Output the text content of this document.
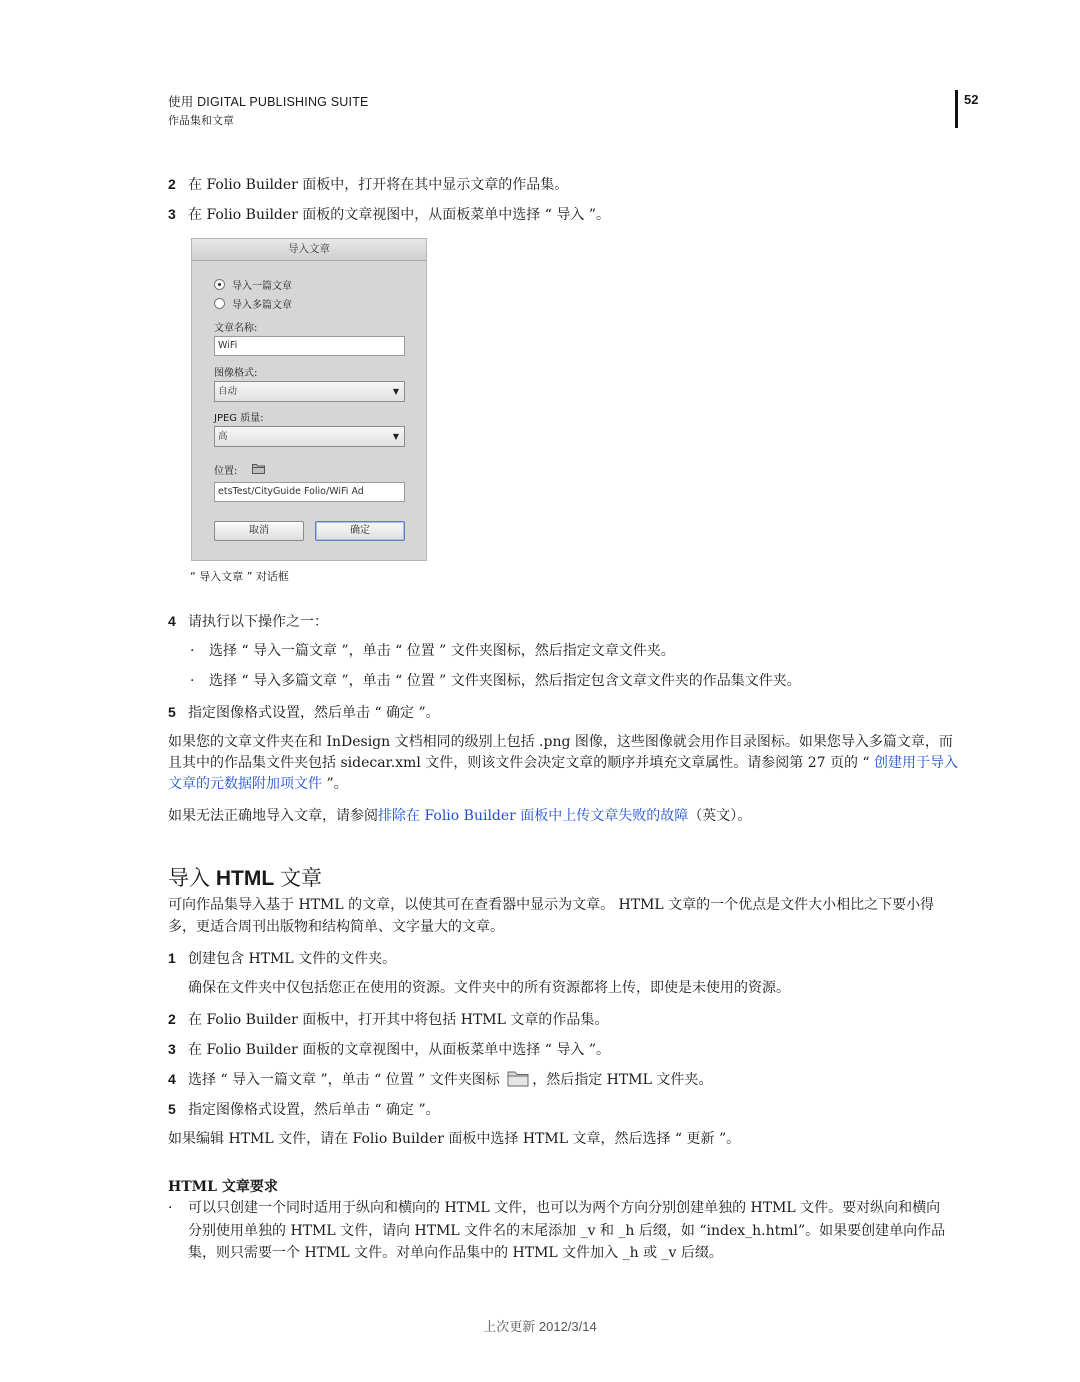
使用 DIGITAL PUBLISHING SUITE
作品集和文章
52
2 在 Folio Builder 面板中，打开将在其中显示文章的作品集。
3 在 Folio Builder 面板的文章视图中，从面板菜单中选择 “ 导入 ”。
导入文章
导入一篇文章
导入多篇文章
文章名称:
WiFi
图像格式:
自动	▼
JPEG 质量:
高	▼
位置:
etsTest/CityGuide Folio/WiFi Ad
取消	确定
“ 导入文章 ” 对话框
4 请执行以下操作之一：
· 选择 “ 导入一篇文章 ”，单击 “ 位置 ” 文件夹图标，然后指定文章文件夹。
· 选择 “ 导入多篇文章 ”，单击 “ 位置 ” 文件夹图标，然后指定包含文章文件夹的作品集文件夹。
5 指定图像格式设置，然后单击 “ 确定 ”。
如果您的文章文件夹在和 InDesign 文档相同的级别上包括 .png 图像，这些图像就会用作目录图标。如果您导入多篇文章，而
且其中的作品集文件夹包括 sidecar.xml 文件，则该文件会决定文章的顺序并填充文章属性。请参阅第 27 页的 “ 创建用于导入
文章的元数据附加项文件 ”。
如果无法正确地导入文章，请参阅排除在 Folio Builder 面板中上传文章失败的故障（英文）。
导入 HTML 文章
可向作品集导入基于 HTML 的文章，以使其可在查看器中显示为文章。 HTML 文章的一个优点是文件大小相比之下要小得
多，更适合周刊出版物和结构简单、文字量大的文章。
1 创建包含 HTML 文件的文件夹。
确保在文件夹中仅包括您正在使用的资源。文件夹中的所有资源都将上传，即使是未使用的资源。
2 在 Folio Builder 面板中，打开其中将包括 HTML 文章的作品集。
3 在 Folio Builder 面板的文章视图中，从面板菜单中选择 “ 导入 ”。
4 选择 “ 导入一篇文章 ”，单击 “ 位置 ” 文件夹图标 ，然后指定 HTML 文件夹。
5 指定图像格式设置，然后单击 “ 确定 ”。
如果编辑 HTML 文件，请在 Folio Builder 面板中选择 HTML 文章，然后选择 “ 更新 ”。
HTML 文章要求
· 可以只创建一个同时适用于纵向和横向的 HTML 文件，也可以为两个方向分别创建单独的 HTML 文件。要对纵向和横向
分别使用单独的 HTML 文件，请向 HTML 文件名的末尾添加 _v 和 _h 后缀，如 “index_h.html”。如果要创建单向作品
集，则只需要一个 HTML 文件。对单向作品集中的 HTML 文件加入 _h 或 _v 后缀。
上次更新 2012/3/14
